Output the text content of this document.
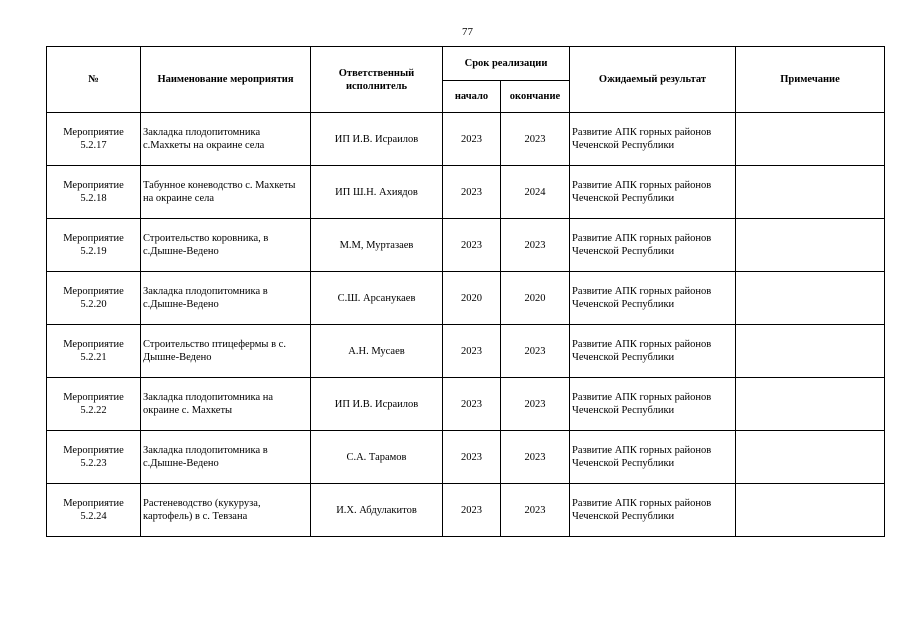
77
№	Наименование мероприятия	Ответственный исполнитель	Срок реализации		Ожидаемый результат	Примечание
			начало	окончание		

Мероприятие
5.2.17	Закладка плодопитомника с.Махкеты на окраине села	ИП И.В. Исраилов	2023	2023	Развитие АПК горных районов Чеченской Республики	

Мероприятие
5.2.18	Табунное коневодство с. Махкеты на окраине села	ИП Ш.Н. Ахиядов	2023	2024	Развитие АПК горных районов Чеченской Республики	

Мероприятие
5.2.19	Строительство коровника, в с.Дышне-Ведено	М.М, Муртазаев	2023	2023	Развитие АПК горных районов Чеченской Республики	

Мероприятие
5.2.20	Закладка плодопитомника в с.Дышне-Ведено	С.Ш. Арсанукаев	2020	2020	Развитие АПК горных районов Чеченской Республики	

Мероприятие
5.2.21	Строительство птицефермы в с. Дышне-Ведено	А.Н. Мусаев	2023	2023	Развитие АПК горных районов Чеченской Республики	

Мероприятие
5.2.22	Закладка плодопитомника на окраине с. Махкеты	ИП И.В. Исраилов	2023	2023	Развитие АПК горных районов Чеченской Республики	

Мероприятие
5.2.23	Закладка плодопитомника в с.Дышне-Ведено	С.А. Тарамов	2023	2023	Развитие АПК горных районов Чеченской Республики	

Мероприятие
5.2.24	Растеневодство (кукуруза, картофель) в с. Тевзана	И.Х. Абдулакитов	2023	2023	Развитие АПК горных районов Чеченской Республики	
